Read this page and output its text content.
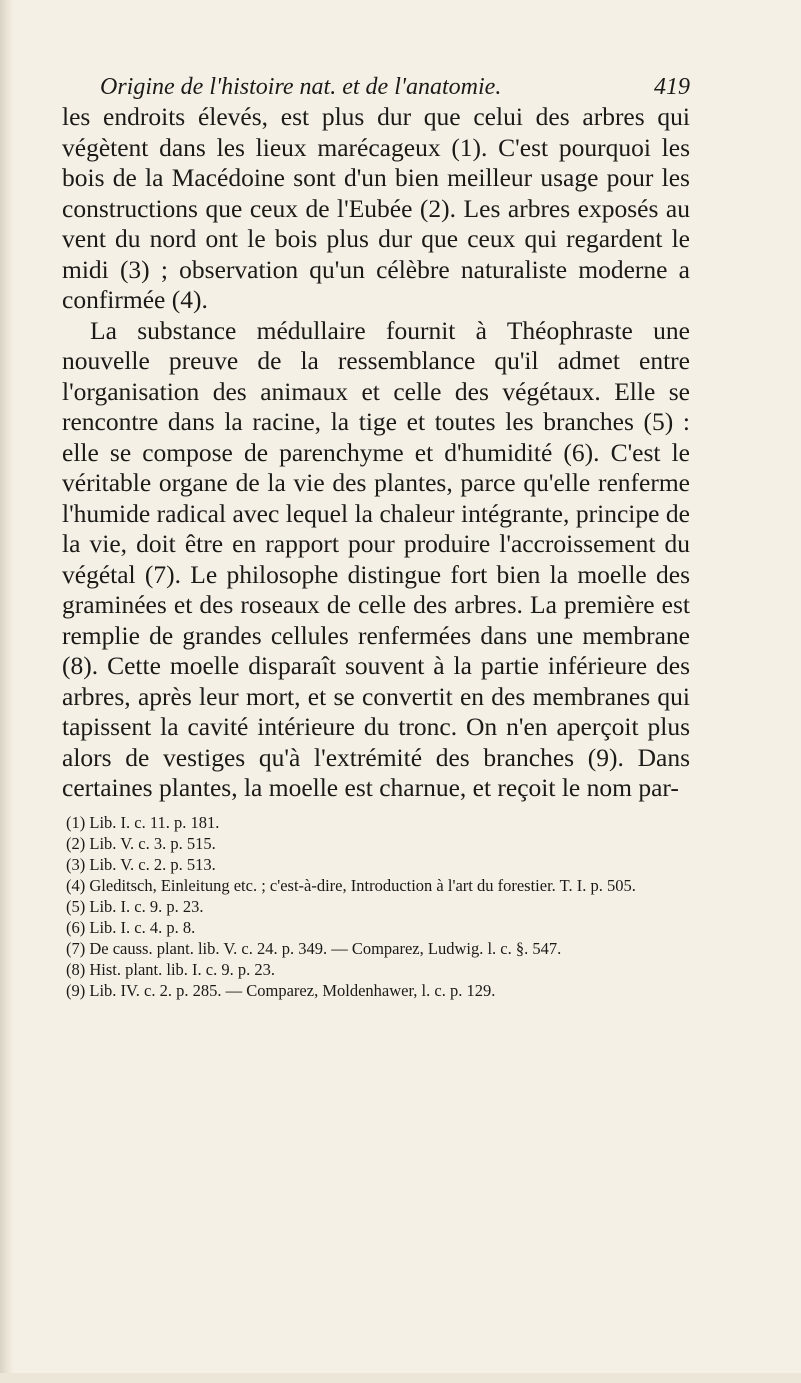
Origine de l'histoire nat. et de l'anatomie.	419

les endroits élevés, est plus dur que celui des arbres qui végètent dans les lieux marécageux (1). C'est pourquoi les bois de la Macédoine sont d'un bien meilleur usage pour les constructions que ceux de l'Eubée (2). Les arbres exposés au vent du nord ont le bois plus dur que ceux qui regardent le midi (3) ; observation qu'un célèbre naturaliste moderne a confirmée (4).

La substance médullaire fournit à Théophraste une nouvelle preuve de la ressemblance qu'il admet entre l'organisation des animaux et celle des végétaux. Elle se rencontre dans la racine, la tige et toutes les branches (5) : elle se compose de parenchyme et d'humidité (6). C'est le véritable organe de la vie des plantes, parce qu'elle renferme l'humide radical avec lequel la chaleur intégrante, principe de la vie, doit être en rapport pour produire l'accroissement du végétal (7). Le philosophe distingue fort bien la moelle des graminées et des roseaux de celle des arbres. La première est remplie de grandes cellules renfermées dans une membrane (8). Cette moelle disparaît souvent à la partie inférieure des arbres, après leur mort, et se convertit en des membranes qui tapissent la cavité intérieure du tronc. On n'en aperçoit plus alors de vestiges qu'à l'extrémité des branches (9). Dans certaines plantes, la moelle est charnue, et reçoit le nom par-

(1) Lib. I. c. 11. p. 181.

(2) Lib. V. c. 3. p. 515.

(3) Lib. V. c. 2. p. 513.

(4) Gleditsch, Einleitung etc. ; c'est-à-dire, Introduction à l'art du forestier. T. I. p. 505.

(5) Lib. I. c. 9. p. 23.

(6) Lib. I. c. 4. p. 8.

(7) De causs. plant. lib. V. c. 24. p. 349. — Comparez, Ludwig. l. c. §. 547.

(8) Hist. plant. lib. I. c. 9. p. 23.

(9) Lib. IV. c. 2. p. 285. — Comparez, Moldenhawer, l. c. p. 129.
